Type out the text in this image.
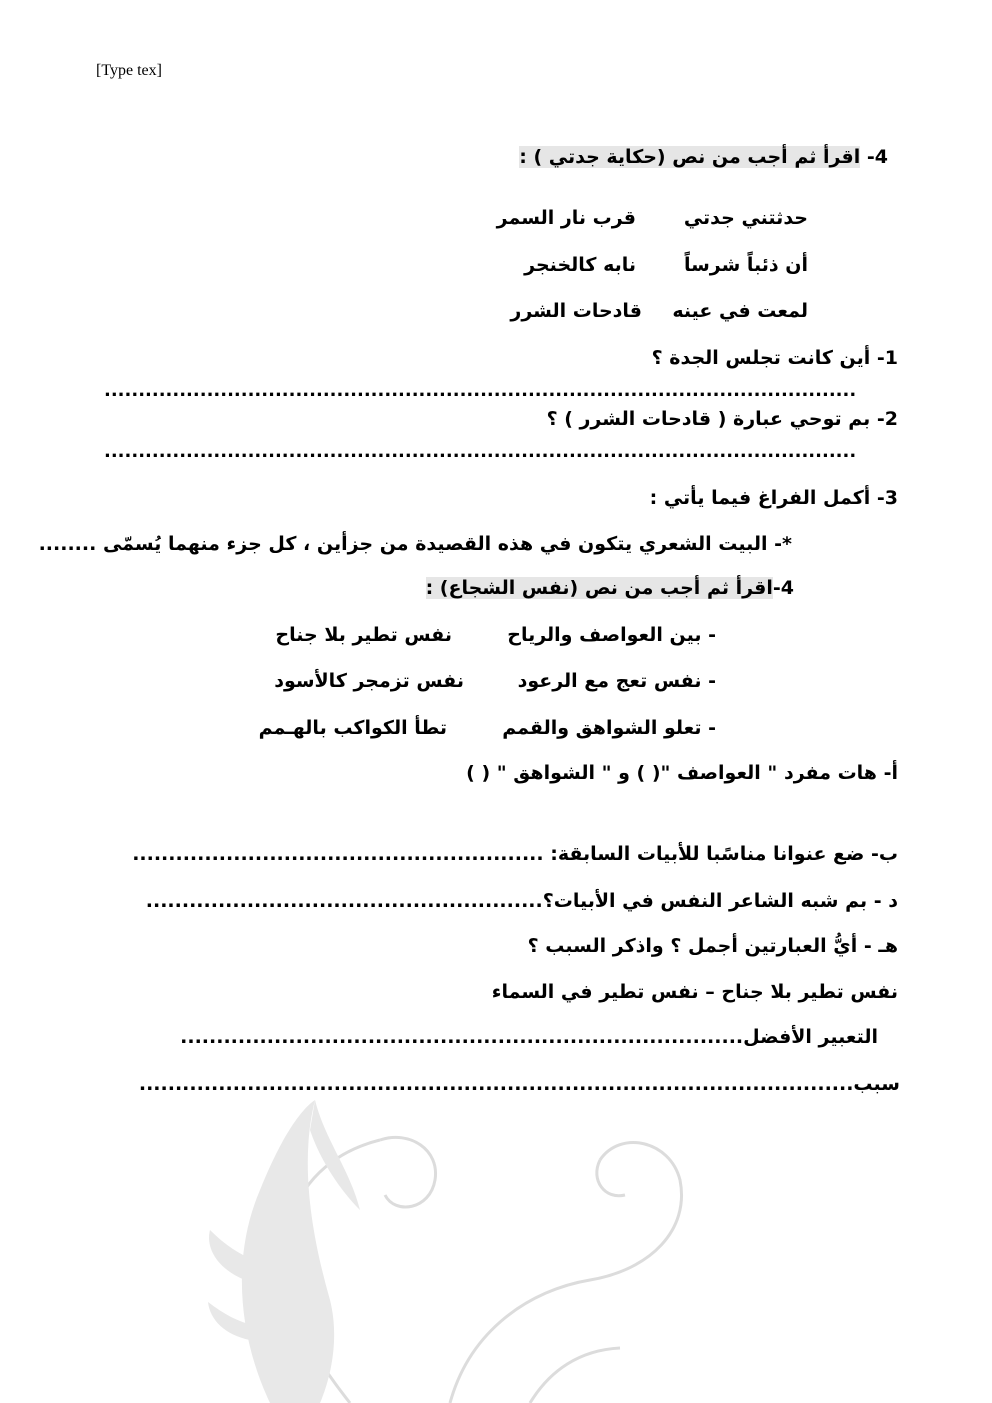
[Type tex]
4- اقرأ ثم أجب من نص (حكاية جدتي ) :
حدثتني جدتي
قرب نار السمر
أن ذئباً شرساً
نابه كالخنجر
لمعت في عينه
قادحات الشرر
1- أين كانت تجلس الجدة ؟
..............................................................................................................
2- بم توحي عبارة ( قادحات الشرر ) ؟
..............................................................................................................
3- أكمل الفراغ فيما يأتي :
*- البيت الشعري يتكون في هذه القصيدة من جزأين ، كل جزء منهما يُسمّى ........
4-اقرأ ثم أجب من نص (نفس الشجاع) :
- بين العواصف والرياح
نفس تطير بلا جناح
- نفس تعج مع الرعود
نفس تزمجر كالأسود
- تعلو الشواهق والقمم
تطأ الكواكب بالهـمم
أ- هات مفرد " العواصف "( ) و " الشواهق " ( )
ب- ضع عنوانا مناسًبا للأبيات السابقة: .........................................................
د - بم شبه الشاعر النفس في الأبيات؟.......................................................
هـ - أيُّ العبارتين أجمل ؟ واذكر السبب ؟
نفس تطير بلا جناح – نفس تطير في السماء
التعبير الأفضل..............................................................................
سبب...................................................................................................
